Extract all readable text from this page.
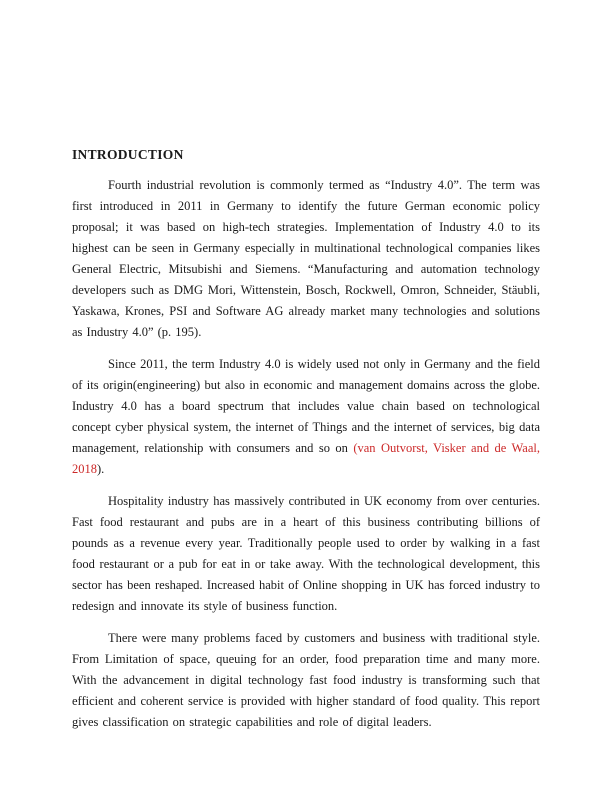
INTRODUCTION

Fourth industrial revolution is commonly termed as “Industry 4.0”. The term was first introduced in 2011 in Germany to identify the future German economic policy proposal; it was based on high-tech strategies. Implementation of Industry 4.0 to its highest can be seen in Germany especially in multinational technological companies likes General Electric, Mitsubishi and Siemens. “Manufacturing and automation technology developers such as DMG Mori, Wittenstein, Bosch, Rockwell, Omron, Schneider, Stäubli, Yaskawa, Krones, PSI and Software AG already market many technologies and solutions as Industry 4.0” (p. 195).

Since 2011, the term Industry 4.0 is widely used not only in Germany and the field of its origin(engineering) but also in economic and management domains across the globe. Industry 4.0 has a board spectrum that includes value chain based on technological concept cyber physical system, the internet of Things and the internet of services, big data management, relationship with consumers and so on (van Outvorst, Visker and de Waal, 2018).

Hospitality industry has massively contributed in UK economy from over centuries. Fast food restaurant and pubs are in a heart of this business contributing billions of pounds as a revenue every year. Traditionally people used to order by walking in a fast food restaurant or a pub for eat in or take away. With the technological development, this sector has been reshaped. Increased habit of Online shopping in UK has forced industry to redesign and innovate its style of business function.

There were many problems faced by customers and business with traditional style. From Limitation of space, queuing for an order, food preparation time and many more. With the advancement in digital technology fast food industry is transforming such that efficient and coherent service is provided with higher standard of food quality. This report gives classification on strategic capabilities and role of digital leaders.
